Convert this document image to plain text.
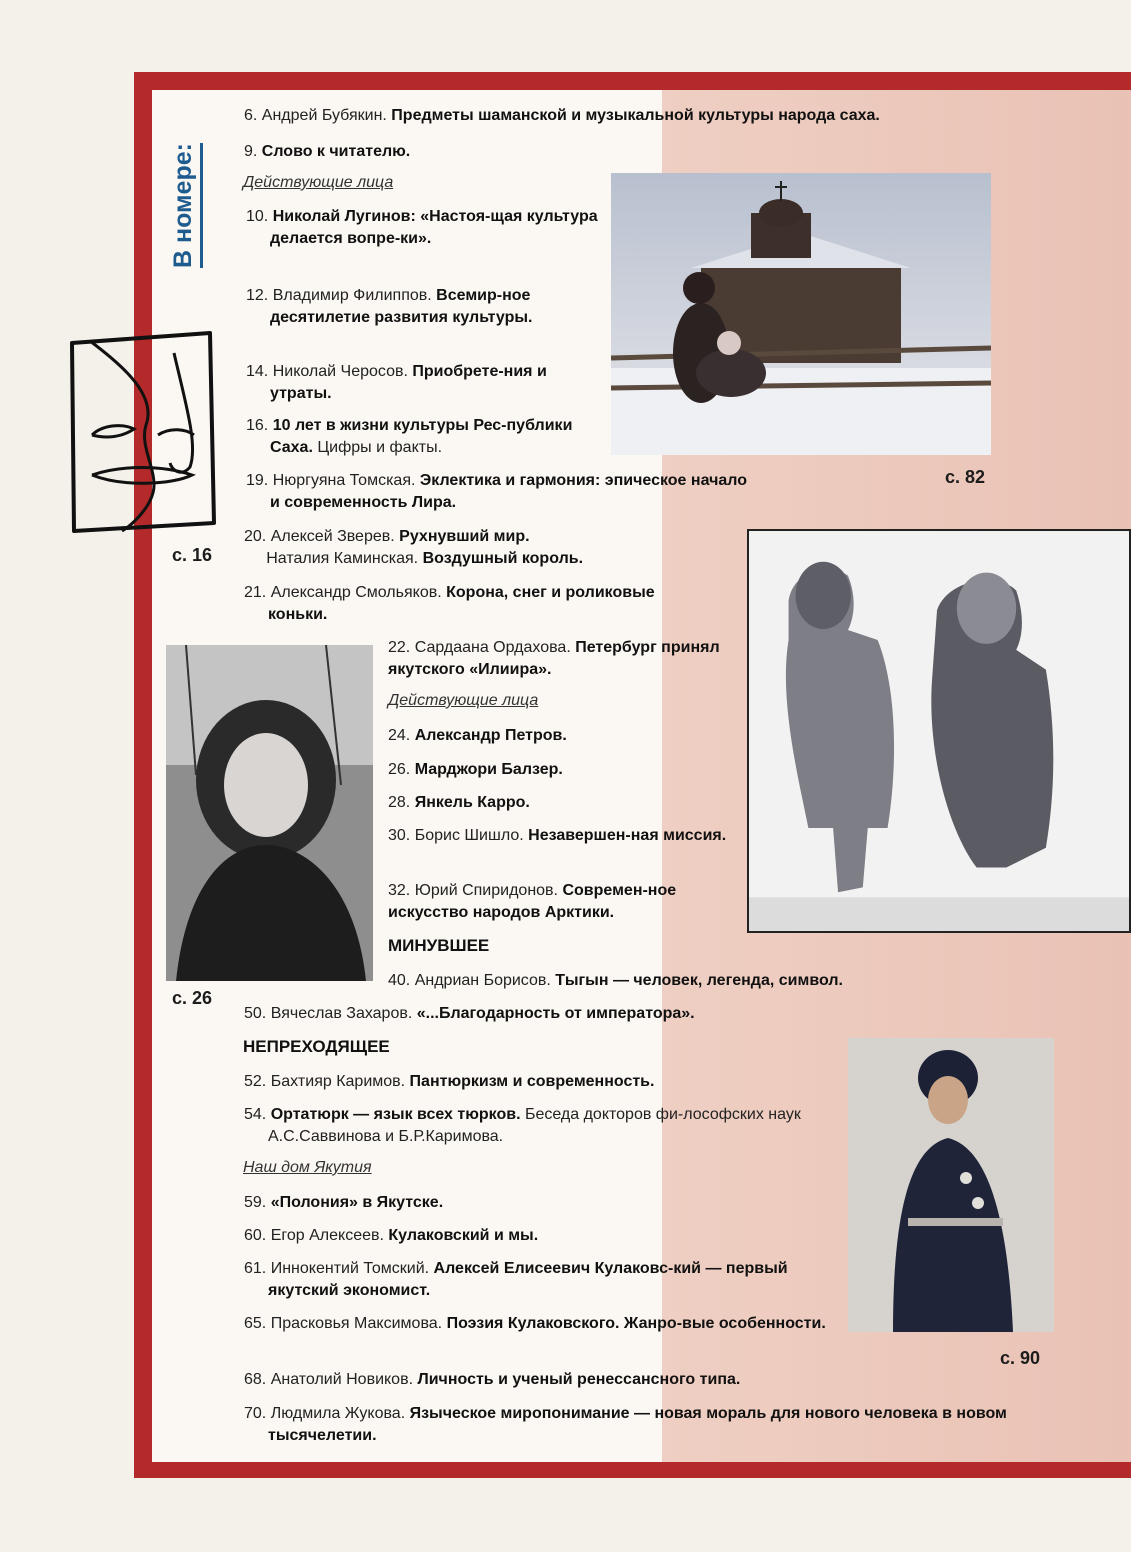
В номере:
с. 16
с. 26
с. 82
с. 90
6. Андрей Бубякин. Предметы шаманской и музыкальной культуры народа саха.
9. Слово к читателю.
Действующие лица
10. Николай Лугинов: «Настоя-щая культура делается вопре-ки».
12. Владимир Филиппов. Всемир-ное десятилетие развития культуры.
14. Николай Черосов. Приобрете-ния и утраты.
16. 10 лет в жизни культуры Рес-публики Саха. Цифры и факты.
19. Нюргуяна Томская. Эклектика и гармония: эпическое начало и современность Лира.
20. Алексей Зверев. Рухнувший мир.
Наталия Каминская. Воздушный король.
21. Александр Смольяков. Корона, снег и роликовые коньки.
22. Сардаана Ордахова. Петербург принял якутского «Илиира».
Действующие лица
24. Александр Петров.
26. Марджори Балзер.
28. Янкель Карро.
30. Борис Шишло. Незавершен-ная миссия.
32. Юрий Спиридонов. Современ-ное искусство народов Арктики.
МИНУВШЕЕ
40. Андриан Борисов. Тыгын — человек, легенда, символ.
50. Вячеслав Захаров. «...Благодарность от императора».
НЕПРЕХОДЯЩЕЕ
52. Бахтияр Каримов. Пантюркизм и современность.
54. Ортатюрк — язык всех тюрков. Беседа докторов фи-лософских наук А.С.Саввинова и Б.Р.Каримова.
Наш дом Якутия
59. «Полония» в Якутске.
60. Егор Алексеев. Кулаковский и мы.
61. Иннокентий Томский. Алексей Елисеевич Кулаковс-кий — первый якутский экономист.
65. Прасковья Максимова. Поэзия Кулаковского. Жанро-вые особенности.
68. Анатолий Новиков. Личность и ученый ренессансного типа.
70. Людмила Жукова. Языческое миропонимание — новая мораль для нового человека в новом тысячелетии.
